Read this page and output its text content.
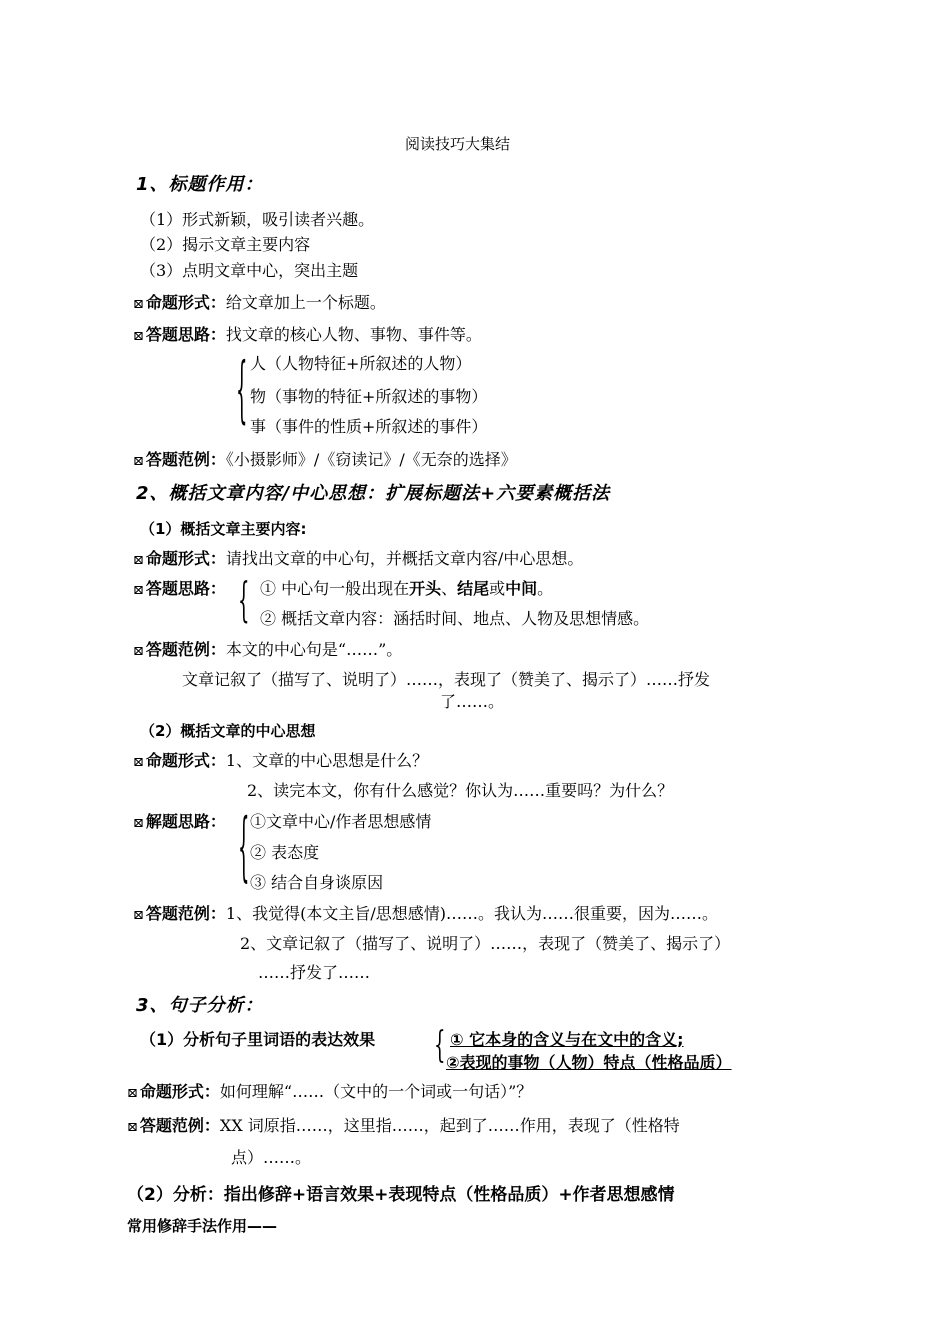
阅读技巧大集结
1、标题作用：
（1）形式新颖，吸引读者兴趣。
（2）揭示文章主要内容
（3）点明文章中心，突出主题
⊠ 命题形式：给文章加上一个标题。
⊠ 答题思路：找文章的核心人物、事物、事件等。
{ 人（人物特征+所叙述的人物）
物（事物的特征+所叙述的事物）
事（事件的性质+所叙述的事件）
⊠ 答题范例：《小摄影师》/《窃读记》/《无奈的选择》
2、概括文章内容/中心思想：扩展标题法+六要素概括法
（1）概括文章主要内容:
⊠ 命题形式：请找出文章的中心句，并概括文章内容/中心思想。
⊠ 答题思路： { ① 中心句一般出现在开头、结尾或中间。
② 概括文章内容：涵括时间、地点、人物及思想情感。
⊠ 答题范例：本文的中心句是“……”。
文章记叙了（描写了、说明了）……，表现了（赞美了、揭示了）……抒发
了……。
（2）概括文章的中心思想
⊠ 命题形式：1、文章的中心思想是什么？
2、读完本文，你有什么感觉？你认为……重要吗？为什么？
⊠ 解题思路： { ①文章中心/作者思想感情
② 表态度
③ 结合自身谈原因
⊠ 答题范例：1、我觉得(本文主旨/思想感情)……。我认为……很重要，因为……。
2、文章记叙了（描写了、说明了）……，表现了（赞美了、揭示了）
……抒发了……
3、句子分析：
（1）分析句子里词语的表达效果 { ① 它本身的含义与在文中的含义;
②表现的事物（人物）特点（性格品质）
⊠ 命题形式：如何理解“……（文中的一个词或一句话）”？
⊠ 答题范例：XX 词原指……，这里指……，起到了……作用，表现了（性格特
点）……。
（2）分析：指出修辞+语言效果+表现特点（性格品质）+作者思想感情
常用修辞手法作用——
